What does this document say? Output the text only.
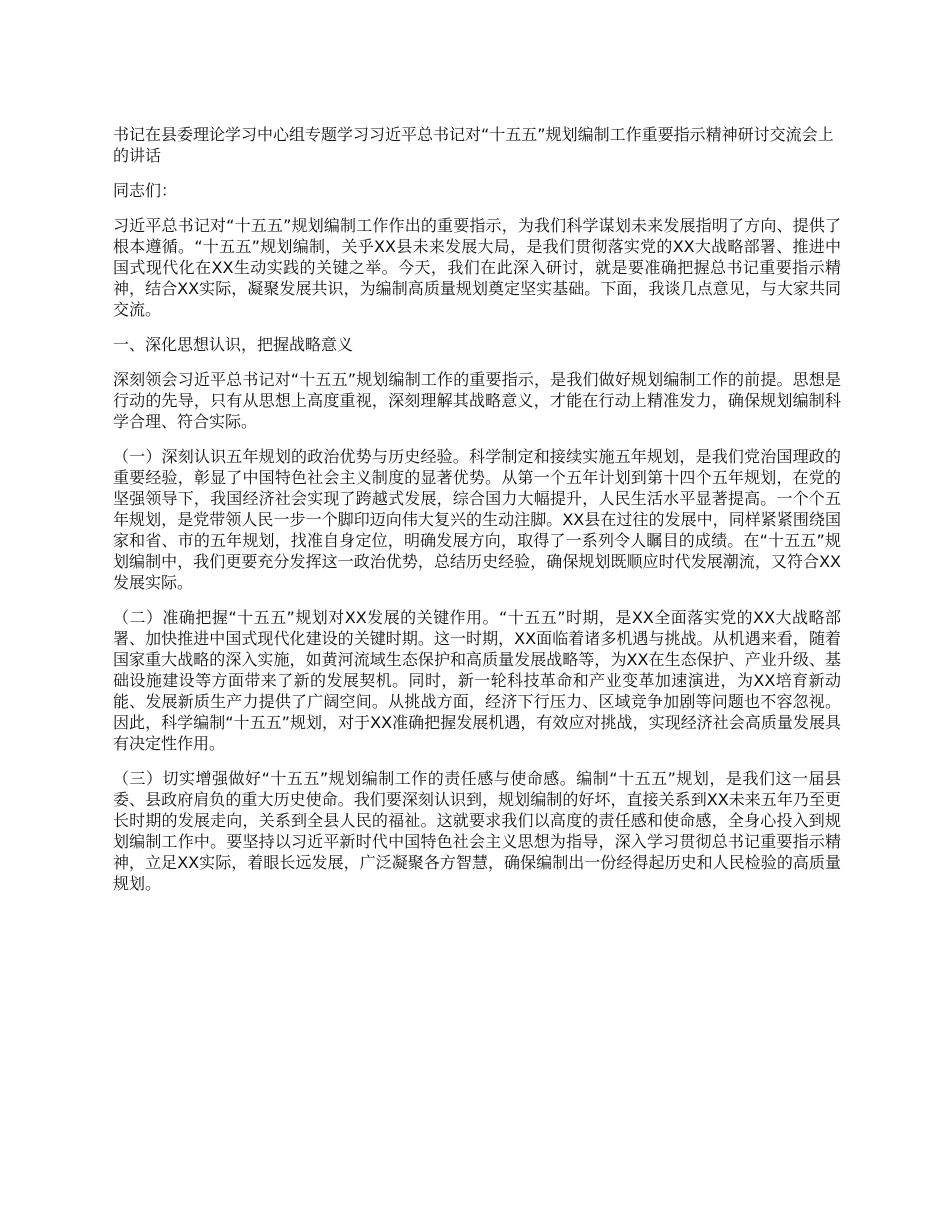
书记在县委理论学习中心组专题学习习近平总书记对“十五五”规划编制工作重要指示精神研讨交流会上的讲话

同志们：

习近平总书记对“十五五”规划编制工作作出的重要指示，为我们科学谋划未来发展指明了方向、提供了根本遵循。“十五五”规划编制，关乎XX县未来发展大局，是我们贯彻落实党的XX大战略部署、推进中国式现代化在XX生动实践的关键之举。今天，我们在此深入研讨，就是要准确把握总书记重要指示精神，结合XX实际，凝聚发展共识，为编制高质量规划奠定坚实基础。下面，我谈几点意见，与大家共同交流。

一、深化思想认识，把握战略意义

深刻领会习近平总书记对“十五五”规划编制工作的重要指示，是我们做好规划编制工作的前提。思想是行动的先导，只有从思想上高度重视，深刻理解其战略意义，才能在行动上精准发力，确保规划编制科学合理、符合实际。

（一）深刻认识五年规划的政治优势与历史经验。科学制定和接续实施五年规划，是我们党治国理政的重要经验，彰显了中国特色社会主义制度的显著优势。从第一个五年计划到第十四个五年规划，在党的坚强领导下，我国经济社会实现了跨越式发展，综合国力大幅提升，人民生活水平显著提高。一个个五年规划，是党带领人民一步一个脚印迈向伟大复兴的生动注脚。XX县在过往的发展中，同样紧紧围绕国家和省、市的五年规划，找准自身定位，明确发展方向，取得了一系列令人瞩目的成绩。在“十五五”规划编制中，我们更要充分发挥这一政治优势，总结历史经验，确保规划既顺应时代发展潮流，又符合XX发展实际。

（二）准确把握“十五五”规划对XX发展的关键作用。“十五五”时期，是XX全面落实党的XX大战略部署、加快推进中国式现代化建设的关键时期。这一时期，XX面临着诸多机遇与挑战。从机遇来看，随着国家重大战略的深入实施，如黄河流域生态保护和高质量发展战略等，为XX在生态保护、产业升级、基础设施建设等方面带来了新的发展契机。同时，新一轮科技革命和产业变革加速演进，为XX培育新动能、发展新质生产力提供了广阔空间。从挑战方面，经济下行压力、区域竞争加剧等问题也不容忽视。因此，科学编制“十五五”规划，对于XX准确把握发展机遇，有效应对挑战，实现经济社会高质量发展具有决定性作用。

（三）切实增强做好“十五五”规划编制工作的责任感与使命感。编制“十五五”规划，是我们这一届县委、县政府肩负的重大历史使命。我们要深刻认识到，规划编制的好坏，直接关系到XX未来五年乃至更长时期的发展走向，关系到全县人民的福祉。这就要求我们以高度的责任感和使命感，全身心投入到规划编制工作中。要坚持以习近平新时代中国特色社会主义思想为指导，深入学习贯彻总书记重要指示精神，立足XX实际，着眼长远发展，广泛凝聚各方智慧，确保编制出一份经得起历史和人民检验的高质量规划。
